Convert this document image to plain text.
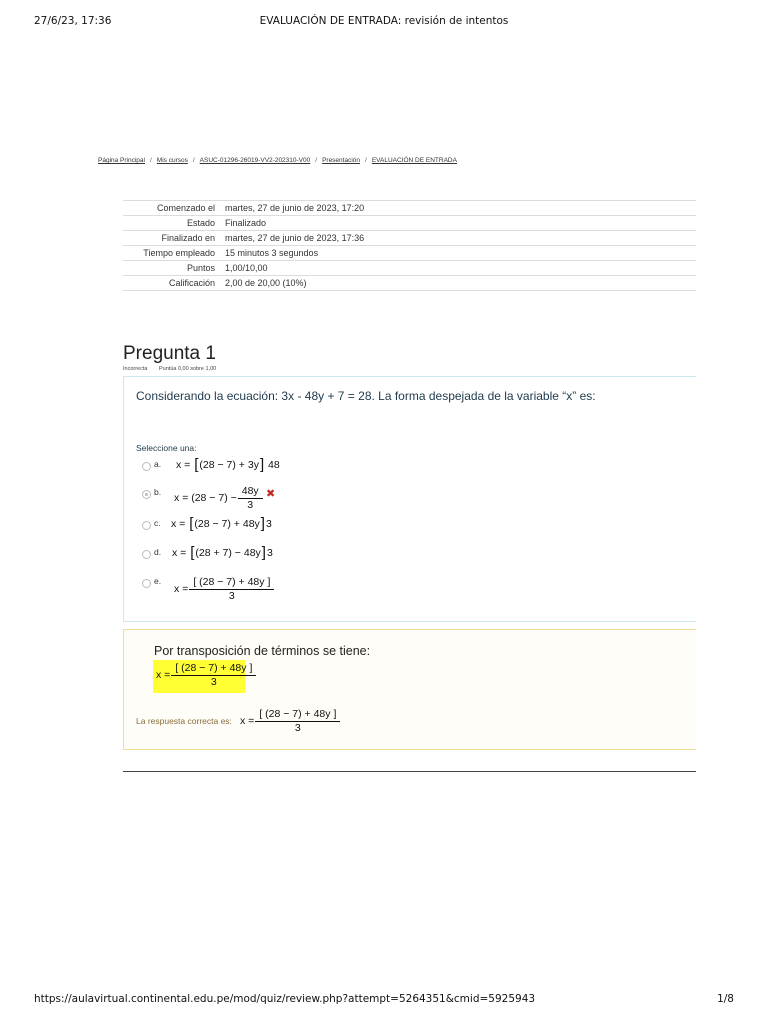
27/6/23, 17:36	EVALUACIÓN DE ENTRADA: revisión de intentos
Página Principal / Mis cursos / ASUC-01296-26019-VV2-202310-V00 / Presentación / EVALUACIÓN DE ENTRADA
Comenzado el	martes, 27 de junio de 2023, 17:20
Estado	Finalizado
Finalizado en	martes, 27 de junio de 2023, 17:36
Tiempo empleado	15 minutos 3 segundos
Puntos	1,00/10,00
Calificación	2,00 de 20,00 (10%)
Pregunta 1
Incorrecta Puntúa 0,00 sobre 1,00
Considerando la ecuación: 3x - 48y + 7 = 28. La forma despejada de la variable “x” es:
Seleccione una:
a. x =
[ (28 − 7) + 3y ]
48
b. $x = (28 - 7) - \frac{48y}{3}$ ✖
c. x =
[ (28 − 7) + 48y ] 3
d. x =
[ (28 + 7) − 48y ] 3
e.
$x = \frac{[ (28 - 7) + 48y ]}{3}$
Por transposición de términos se tiene:
$x = \frac{[ (28 - 7) + 48y ]}{3}$
La respuesta correcta es: $x = \frac{[ (28 - 7) + 48y ]}{3}$
https://aulavirtual.continental.edu.pe/mod/quiz/review.php?attempt=5264351&cmid=5925943	1/8
